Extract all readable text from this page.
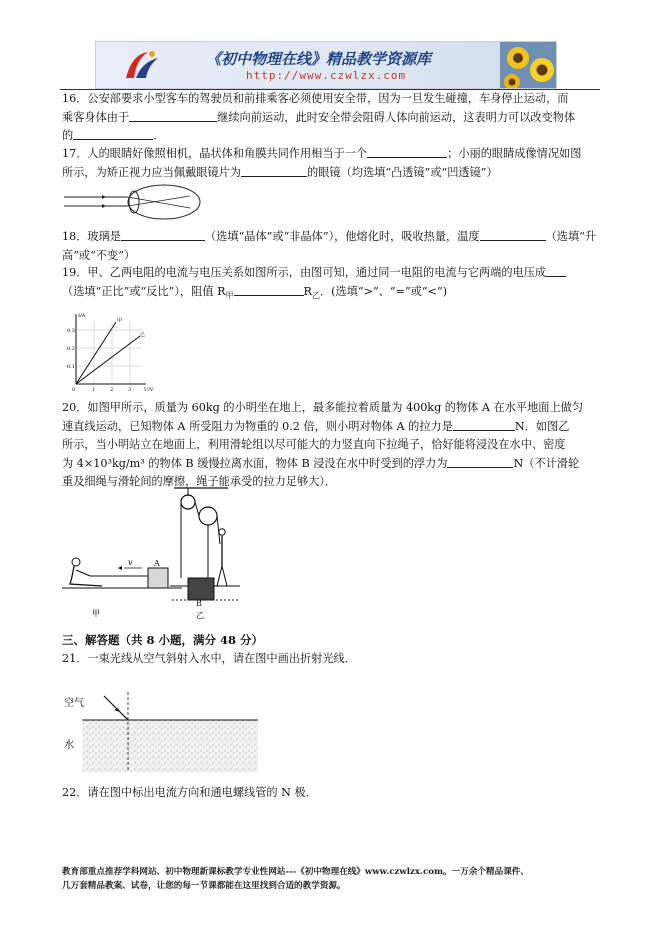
《初中物理在线》精品教学资源库
http://www.czwlzx.com
16．公安部要求小型客车的驾驶员和前排乘客必须使用安全带，因为一旦发生碰撞，车身停止运动，而
乘客身体由于	继续向前运动，此时安全带会阻碍人体向前运动，这表明力可以改变物体
的	．
17．人的眼睛好像照相机，晶状体和角膜共同作用相当于一个	；小丽的眼睛成像情况如图
所示，为矫正视力应当佩戴眼镜片为	的眼镜（均选填“凸透镜”或“凹透镜”）
18．玻璃是	（选填“晶体”或“非晶体”），他熔化时，吸收热量，温度	（选填“升
高”或“不变”）
19．甲、乙两电阻的电流与电压关系如图所示，由图可知，通过同一电阻的电流与它两端的电压成
（选填“正比”或“反比”），阻值 $R_甲$	$R_乙$．(选填“>”、“=”或“<”)
I/A
U/V
0.3
0.2
0.1
0	1	2	3
甲
乙
20．如图甲所示，质量为 60kg 的小明坐在地上，最多能拉着质量为 400kg 的物体 A 在水平地面上做匀
速直线运动，已知物体 A 所受阻力为物重的 0.2 倍，则小明对物体 A 的拉力是	N．如图乙
所示，当小明站立在地面上，利用滑轮组以尽可能大的力竖直向下拉绳子，恰好能将浸没在水中、密度
为 4×10³kg/m³ 的物体 B 缓慢拉离水面，物体 B 浸没在水中时受到的浮力为	N（不计滑轮
重及细绳与滑轮间的摩擦，绳子能承受的拉力足够大）．
v	A
甲
B
乙
三、解答题（共 8 小题，满分 48 分）
21．一束光线从空气斜射入水中，请在图中画出折射光线．
空气
水
22．请在图中标出电流方向和通电螺线管的 N 极．
教育部重点推荐学科网站、初中物理新课标教学专业性网站---《初中物理在线》www.czwlzx.com。一万余个精品课件、
几万套精品教案、试卷，让您的每一节课都能在这里找到合适的教学资源。
